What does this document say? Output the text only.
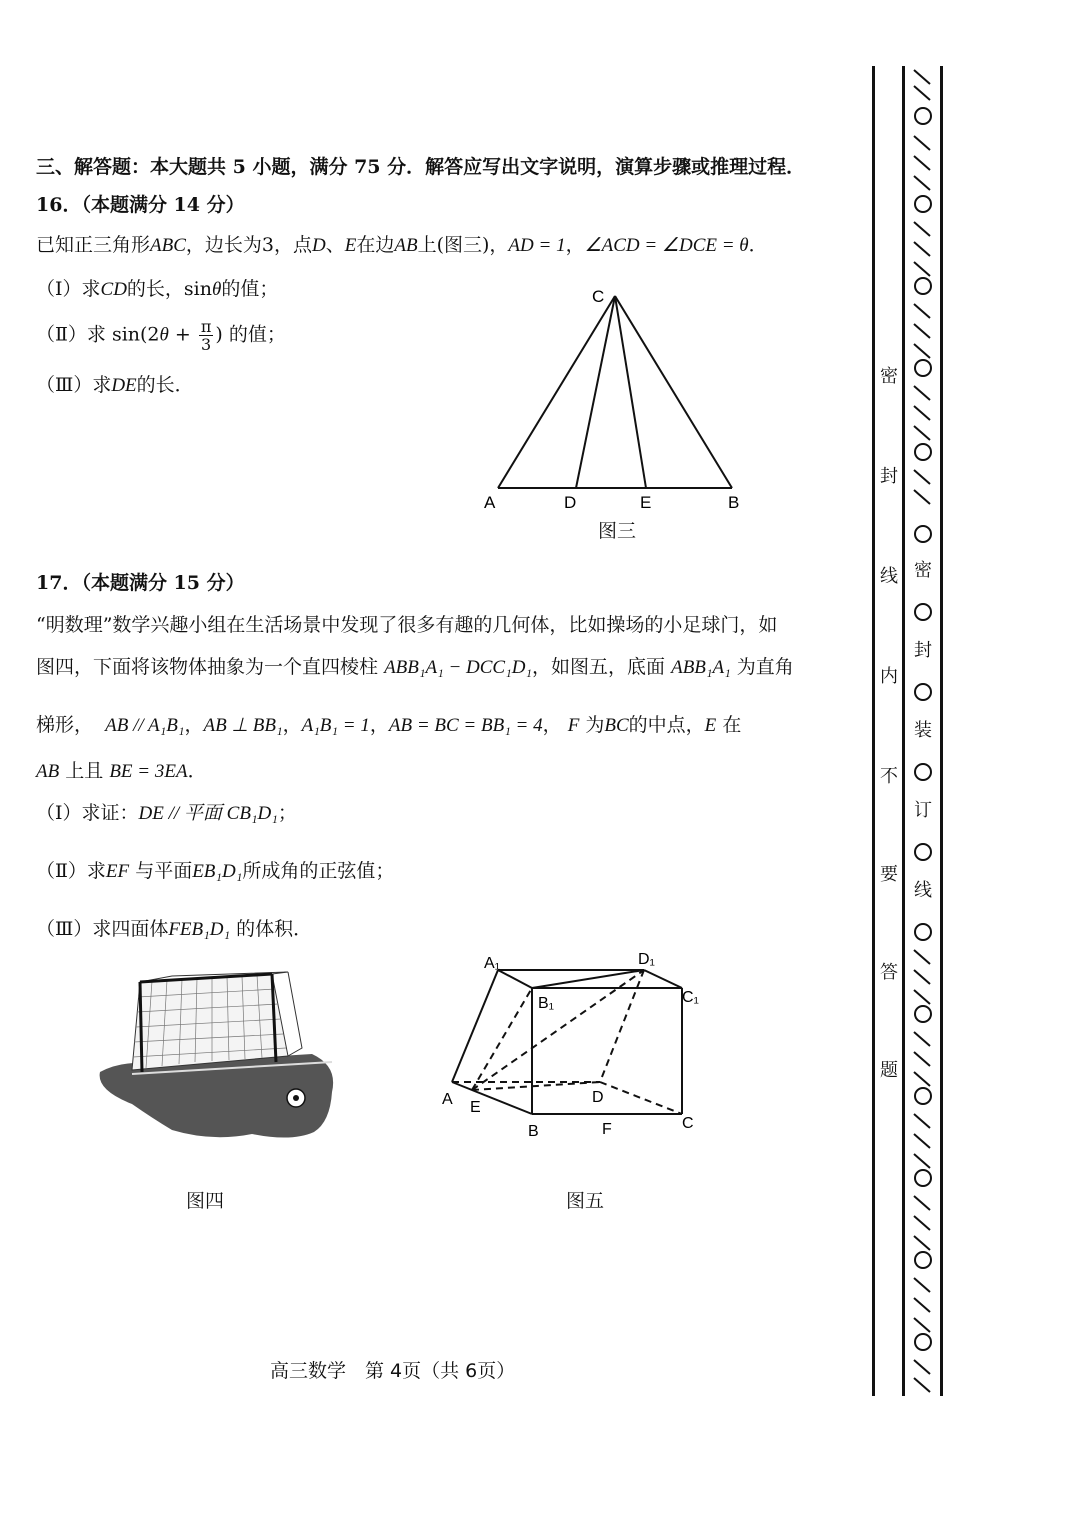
三、解答题：本大题共 5 小题，满分 75 分．解答应写出文字说明，演算步骤或推理过程．
16．（本题满分 14 分）
已知正三角形ABC，边长为3，点D、E在边AB上(图三)，AD = 1，∠ACD = ∠DCE = θ．
（Ⅰ）求CD的长，sinθ的值；
（Ⅱ）求 $\sin(2\theta + \frac{\pi}{3}$ ) 的值；
（Ⅲ）求DE的长．
C
A	D	E	B
图三
17．（本题满分 15 分）
“明数理”数学兴趣小组在生活场景中发现了很多有趣的几何体，比如操场的小足球门，如
图四，下面将该物体抽象为一个直四棱柱 ABB₁A₁ − DCC₁D₁，如图五，底面 ABB₁A₁ 为直角
梯形， AB // A₁B₁，AB ⊥ BB₁，A₁B₁ = 1，AB = BC = BB₁ = 4， F 为BC的中点，E 在
AB 上且 BE = 3EA．
（Ⅰ）求证：DE // 平面 CB₁D₁；
（Ⅱ）求EF 与平面EB₁D₁所成角的正弦值；
（Ⅲ）求四面体FEB₁D₁ 的体积．
图四
A₁	D₁
B₁	C₁
A E
D
B	F	C
图五
高三数学　第 4页（共 6页）
密
封
线
内
不
要
答
题
密
封
装
订
线
